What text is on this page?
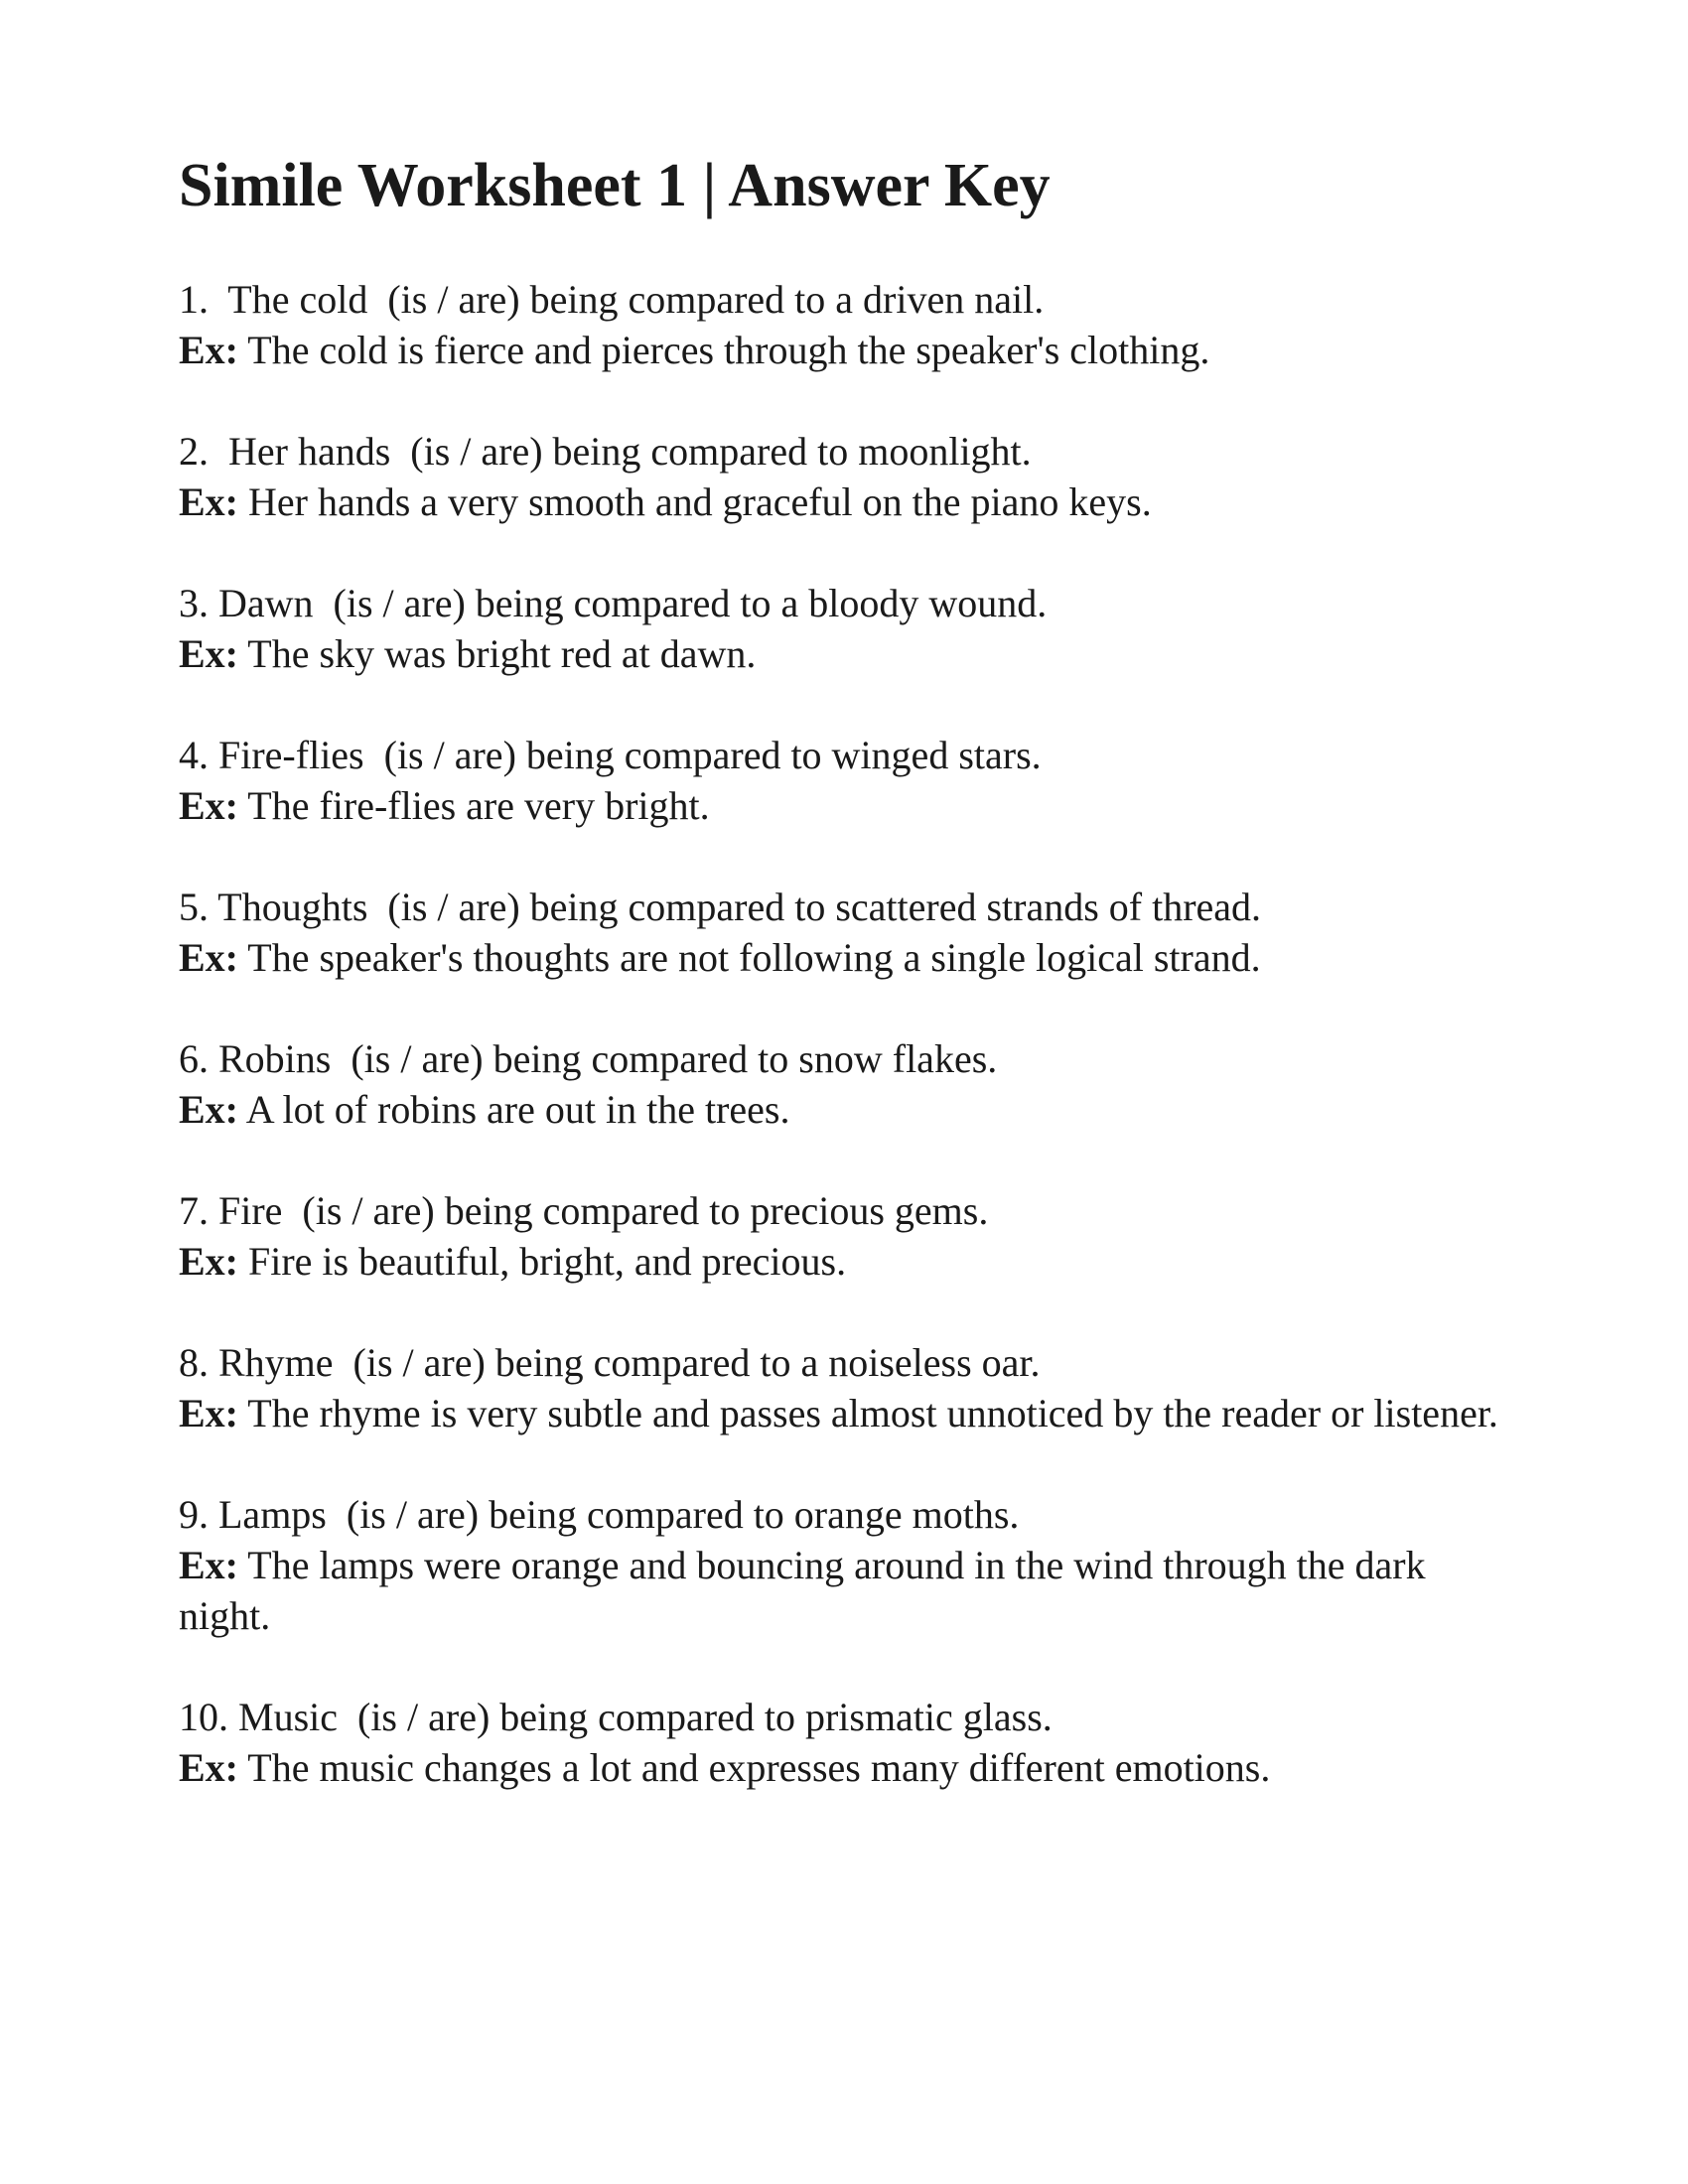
Simile Worksheet 1 | Answer Key
1.  The cold  (is / are) being compared to a driven nail.
Ex: The cold is fierce and pierces through the speaker's clothing.
2.  Her hands  (is / are) being compared to moonlight.
Ex: Her hands a very smooth and graceful on the piano keys.
3. Dawn  (is / are) being compared to a bloody wound.
Ex: The sky was bright red at dawn.
4. Fire-flies  (is / are) being compared to winged stars.
Ex: The fire-flies are very bright.
5. Thoughts  (is / are) being compared to scattered strands of thread.
Ex: The speaker's thoughts are not following a single logical strand.
6. Robins  (is / are) being compared to snow flakes.
Ex: A lot of robins are out in the trees.
7. Fire  (is / are) being compared to precious gems.
Ex: Fire is beautiful, bright, and precious.
8. Rhyme  (is / are) being compared to a noiseless oar.
Ex: The rhyme is very subtle and passes almost unnoticed by the reader or listener.
9. Lamps  (is / are) being compared to orange moths.
Ex: The lamps were orange and bouncing around in the wind through the dark night.
10. Music  (is / are) being compared to prismatic glass.
Ex: The music changes a lot and expresses many different emotions.
